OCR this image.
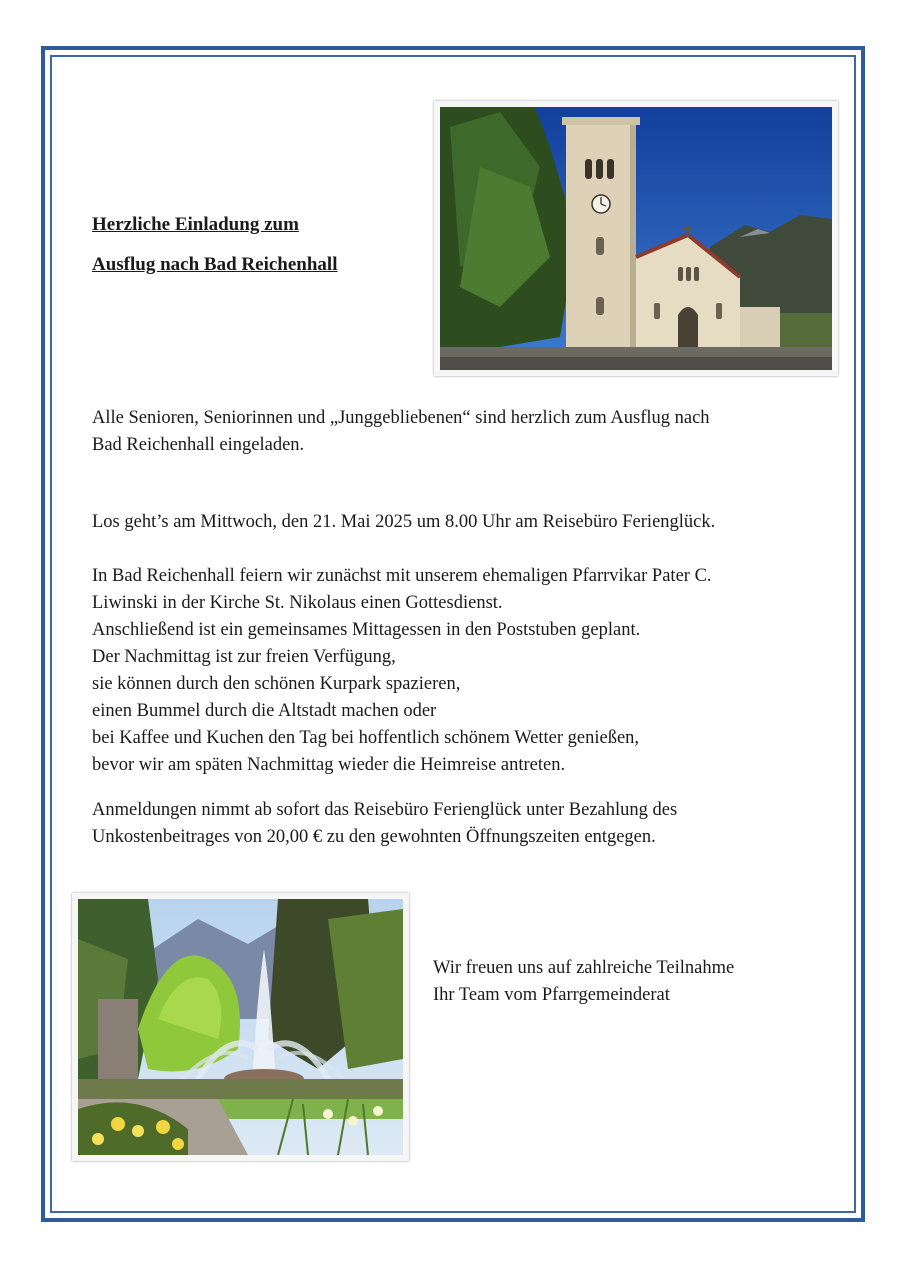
Herzliche Einladung zum
Ausflug nach Bad Reichenhall

Alle Senioren, Seniorinnen und „Junggebliebenen“ sind herzlich zum Ausflug nach
Bad Reichenhall eingeladen.

Los geht’s am Mittwoch, den 21. Mai 2025 um 8.00 Uhr am Reisebüro Ferienglück.

In Bad Reichenhall feiern wir zunächst mit unserem ehemaligen Pfarrvikar Pater C.
Liwinski in der Kirche St. Nikolaus einen Gottesdienst.
Anschließend ist ein gemeinsames Mittagessen in den Poststuben geplant.
Der Nachmittag ist zur freien Verfügung,
sie können durch den schönen Kurpark spazieren,
einen Bummel durch die Altstadt machen oder
bei Kaffee und Kuchen den Tag bei hoffentlich schönem Wetter genießen,
bevor wir am späten Nachmittag wieder die Heimreise antreten.

Anmeldungen nimmt ab sofort das Reisebüro Ferienglück unter Bezahlung des
Unkostenbeitrages von 20,00 € zu den gewohnten Öffnungszeiten entgegen.

Wir freuen uns auf zahlreiche Teilnahme
Ihr Team vom Pfarrgemeinderat
